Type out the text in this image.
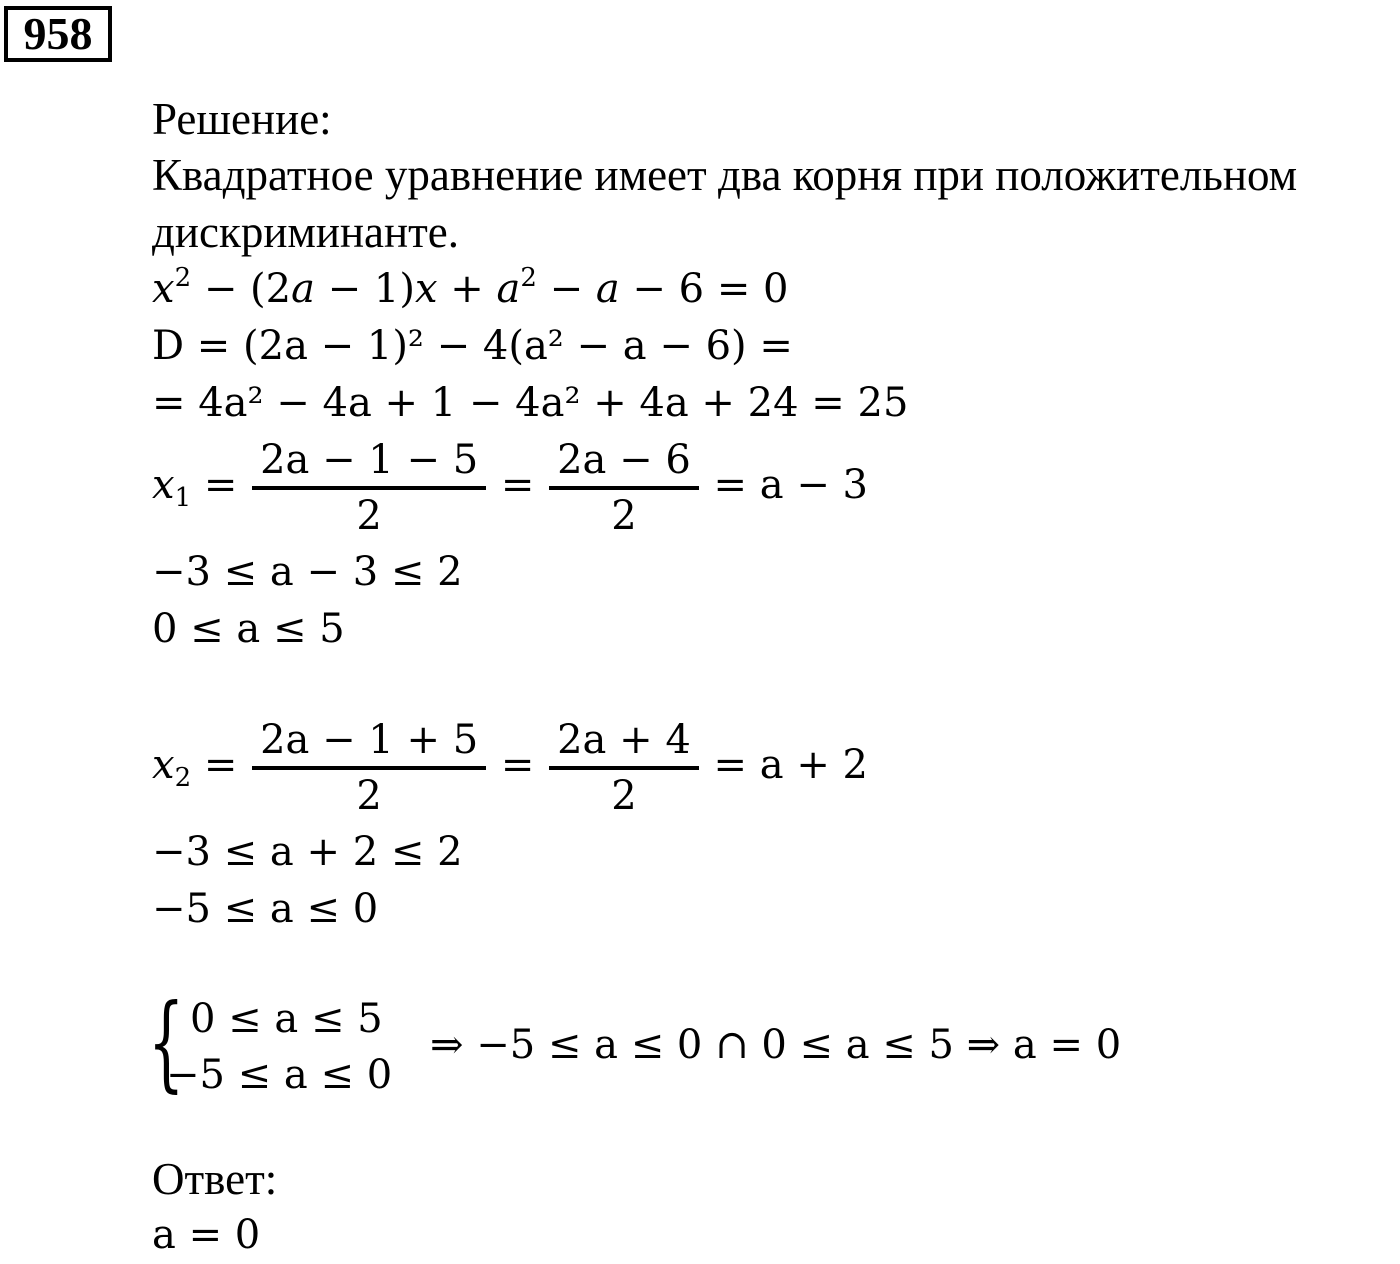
958
Решение:
Квадратное уравнение имеет два корня при положительном
дискриминанте.
$x^2 - (2a - 1)x + a^2 - a - 6 = 0$
D = (2a − 1)² − 4(a² − a − 6) =
= 4a² − 4a + 1 − 4a² + 4a + 24 = 25
$x_1 = \frac{2a - 1 - 5}{2} = \frac{2a - 6}{2} = a - 3$
−3 ≤ a − 3 ≤ 2
0 ≤ a ≤ 5
$x_2 = \frac{2a - 1 + 5}{2} = \frac{2a + 4}{2} = a + 2$
−3 ≤ a + 2 ≤ 2
−5 ≤ a ≤ 0
{ 0 ≤ a ≤ 5
−5 ≤ a ≤ 0
⇒ −5 ≤ a ≤ 0 ∩ 0 ≤ a ≤ 5 ⇒ a = 0
Ответ:
a = 0
